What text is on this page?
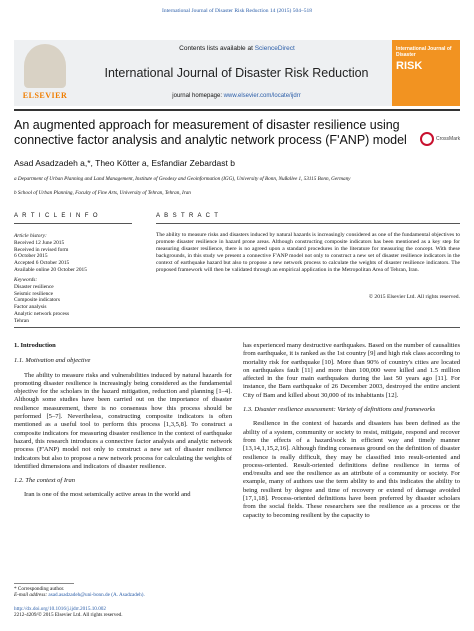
International Journal of Disaster Risk Reduction 14 (2015) 504–518
ELSEVIER
Contents lists available at ScienceDirect
International Journal of Disaster Risk Reduction
journal homepage: www.elsevier.com/locate/ijdrr
International Journal of Disaster
RISK
An augmented approach for measurement of disaster resilience using connective factor analysis and analytic network process (F'ANP) model	CrossMark
Asad Asadzadeh a,*, Theo Kötter a, Esfandiar Zebardast b
a Department of Urban Planning and Land Management, Institute of Geodesy and Geoinformation (IGG), University of Bonn, Nußallee 1, 53115 Bonn, Germany
b School of Urban Planning, Faculty of Fine Arts, University of Tehran, Tehran, Iran
A R T I C L E I N F O	A B S T R A C T
Article history:
Received 12 June 2015
Received in revised form
6 October 2015
Accepted 6 October 2015
Available online 20 October 2015
Keywords:
Disaster resilience
Seismic resilience
Composite indicators
Factor analysis
Analytic network process
Tehran
The ability to measure risks and disasters induced by natural hazards is increasingly considered as one of the fundamental objectives to promote disaster resilience in hazard prone areas. Although constructing composite indicators has been mentioned as a key step for measuring disaster resilience, there is no agreed upon a standard procedures in the literature for measuring the concept. With these backgrounds, in this study we present a connective F'ANP model not only to construct a new set of disaster resilience indicators in the context of earthquake hazard but also to propose a new network process to calculate the weights of disaster resilience indicators. The proposed framework will then be validated through an empirical application in the Metropolitan Area of Tehran, Iran.
© 2015 Elsevier Ltd. All rights reserved.

1. Introduction

1.1. Motivation and objective

The ability to measure risks and vulnerabilities induced by natural hazards for promoting disaster resilience is increasingly being considered as the fundamental objective for the scholars in the hazard mitigation, reduction and planning [1–4]. Although some studies have been carried out on the importance of disaster resilience measurement, there is no consensus how this process should be performed [5–7]. Nevertheless, constructing composite indicators is often mentioned as a useful tool to perform this process [1,3,5,8]. To construct a composite indicators for measuring disaster resilience in the context of earthquake hazard, this research introduces a connective factor analysis and analytic network process (F'ANP) model not only to construct a new set of disaster resilience indicators but also to propose a new network process for calculating the weights of identified dimensions and indicators of disaster resilience.

1.2. The context of Iran

Iran is one of the most seismically active areas in the world and

has experienced many destructive earthquakes. Based on the number of causalities from earthquake, it is ranked as the 1st country [9] and high risk class according to mortality risk for earthquake [10]. More than 90% of country's cities are located on earthquakes fault [11] and more than 100,000 were killed and 1.5 million affected in the four main earthquakes during the last 50 years ago [11]. For instance, the Bam earthquake of 26 December 2003, destroyed the entire ancient City of Bam and killed about 30,000 of its inhabitants [12].

1.3. Disaster resilience assessment: Variety of definitions and frameworks

Resilience in the context of hazards and disasters has been defined as the ability of a system, community or society to resist, mitigate, respond and recover from the effects of a hazard/sock in efficient way and timely manner [13,14,1,15,2,16]. Although finding consensus ground on the definition of disaster resilience is really difficult, they may be classified into result-oriented and process-oriented. Result-oriented definitions define resilience in terms of end/results and see the resilience as an attribute of a community or society. For example, many of authors use the term ability to and this indicates the ability to being resilient by degree and time of recovery or extend of damage avoided [17,1,18]. Process-oriented definitions have been preferred by disaster scholars from the social fields. These researchers see the resilience as a process or the capacity to becoming resilient by the capacity to

* Corresponding author.
E-mail address: asad.asadzadeh@uni-bonn.de (A. Asadzadeh).
http://dx.doi.org/10.1016/j.ijdrr.2015.10.002
2212-4209/© 2015 Elsevier Ltd. All rights reserved.
